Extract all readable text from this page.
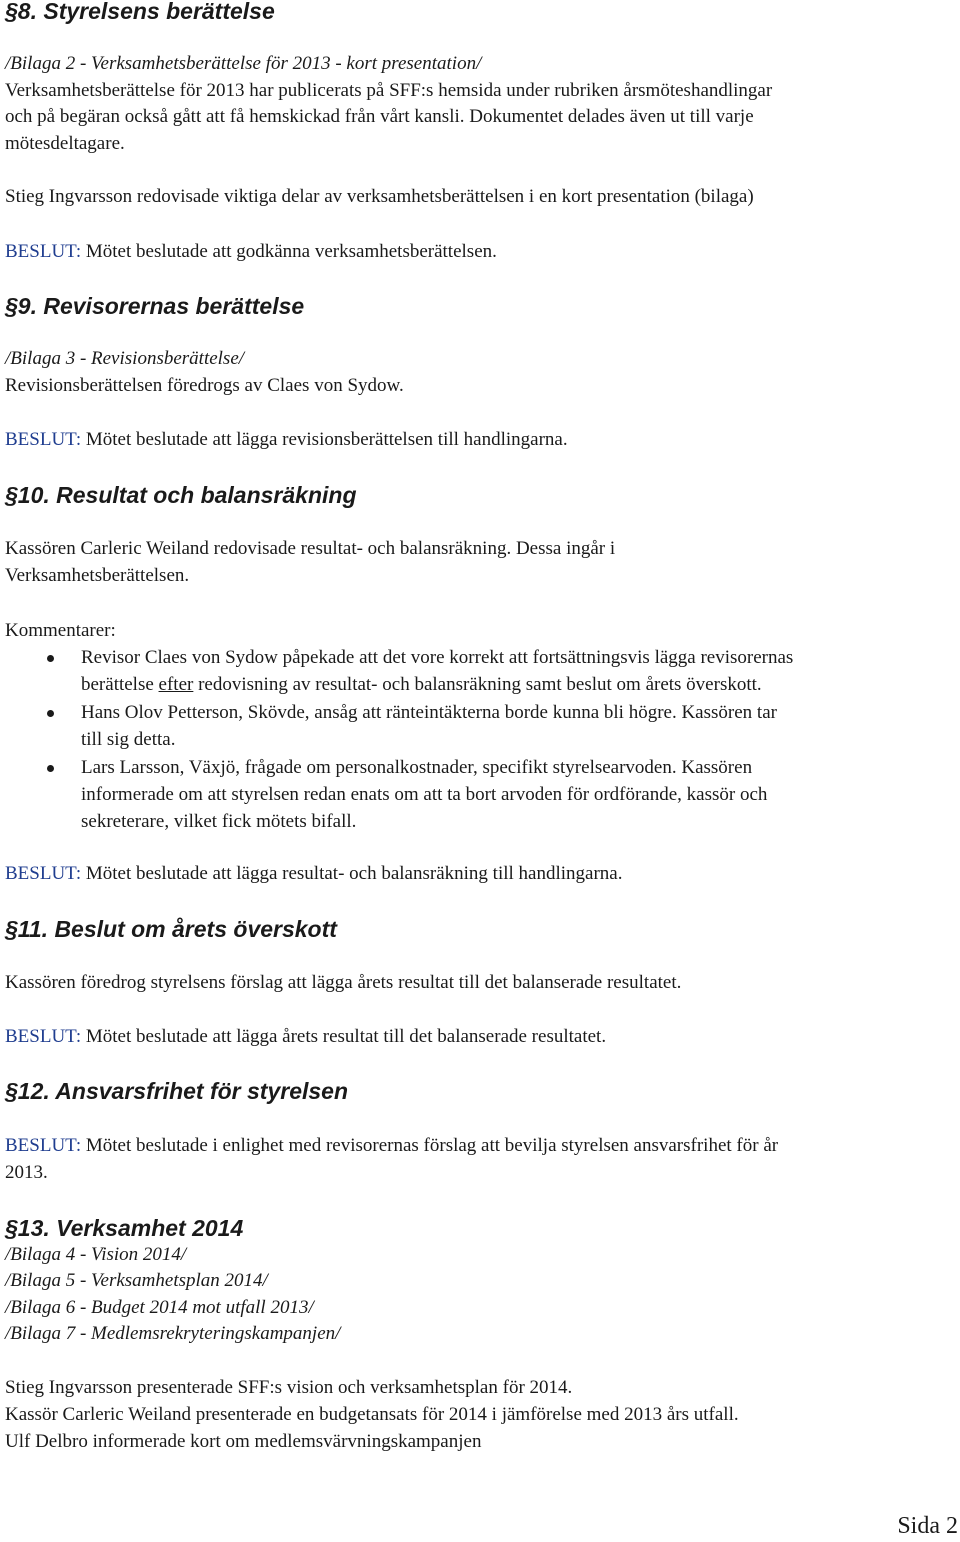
§8. Styrelsens berättelse
/Bilaga 2 - Verksamhetsberättelse för 2013 - kort presentation/
Verksamhetsberättelse för 2013 har publicerats på SFF:s hemsida under rubriken årsmöteshandlingar
och på begäran också gått att få hemskickad från vårt kansli. Dokumentet delades även ut till varje
mötesdeltagare.
Stieg Ingvarsson redovisade viktiga delar av verksamhetsberättelsen i en kort presentation (bilaga)
BESLUT: Mötet beslutade att godkänna verksamhetsberättelsen.
§9. Revisorernas berättelse
/Bilaga 3 - Revisionsberättelse/
Revisionsberättelsen föredrogs av Claes von Sydow.
BESLUT: Mötet beslutade att lägga revisionsberättelsen till handlingarna.
§10. Resultat och balansräkning
Kassören Carleric Weiland redovisade resultat- och balansräkning. Dessa ingår i
Verksamhetsberättelsen.
Kommentarer:
Revisor Claes von Sydow påpekade att det vore korrekt att fortsättningsvis lägga revisorernas
berättelse efter redovisning av resultat- och balansräkning samt beslut om årets överskott.
Hans Olov Petterson, Skövde, ansåg att ränteintäkterna borde kunna bli högre. Kassören tar
till sig detta.
Lars Larsson, Växjö, frågade om personalkostnader, specifikt styrelsearvoden. Kassören
informerade om att styrelsen redan enats om att ta bort arvoden för ordförande, kassör och
sekreterare, vilket fick mötets bifall.
BESLUT: Mötet beslutade att lägga resultat- och balansräkning till handlingarna.
§11. Beslut om årets överskott
Kassören föredrog styrelsens förslag att lägga årets resultat till det balanserade resultatet.
BESLUT: Mötet beslutade att lägga årets resultat till det balanserade resultatet.
§12. Ansvarsfrihet för styrelsen
BESLUT: Mötet beslutade i enlighet med revisorernas förslag att bevilja styrelsen ansvarsfrihet för år
2013.
§13. Verksamhet 2014
/Bilaga 4 - Vision 2014/
/Bilaga 5 - Verksamhetsplan 2014/
/Bilaga 6 - Budget 2014 mot utfall 2013/
/Bilaga 7 - Medlemsrekryteringskampanjen/
Stieg Ingvarsson presenterade SFF:s vision och verksamhetsplan för 2014.
Kassör Carleric Weiland presenterade en budgetansats för 2014 i jämförelse med 2013 års utfall.
Ulf Delbro informerade kort om medlemsvärvningskampanjen
Sida 2
